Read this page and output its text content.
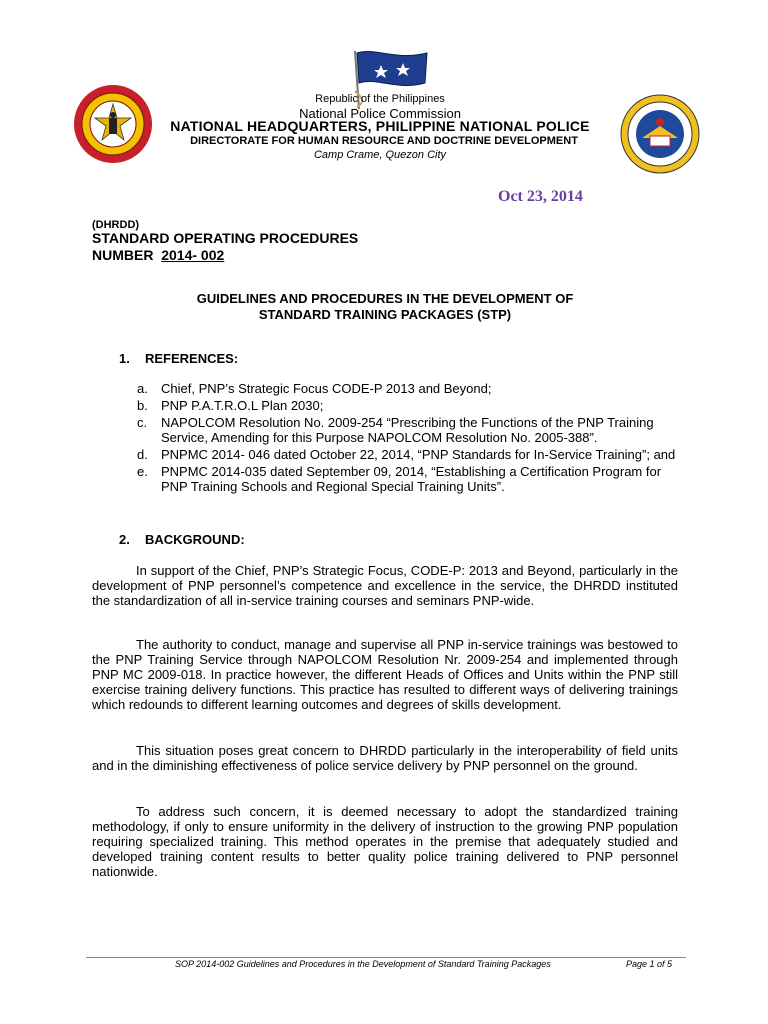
Republic of the Philippines
National Police Commission
NATIONAL HEADQUARTERS, PHILIPPINE NATIONAL POLICE
DIRECTORATE FOR HUMAN RESOURCE AND DOCTRINE DEVELOPMENT
Camp Crame, Quezon City
Oct 23, 2014
(DHRDD)
STANDARD OPERATING PROCEDURES
NUMBER 2014- 002
GUIDELINES AND PROCEDURES IN THE DEVELOPMENT OF
STANDARD TRAINING PACKAGES (STP)
1. REFERENCES:
a. Chief, PNP’s Strategic Focus CODE-P 2013 and Beyond;
b. PNP P.A.T.R.O.L Plan 2030;
c. NAPOLCOM Resolution No. 2009-254 “Prescribing the Functions of the PNP Training Service, Amending for this Purpose NAPOLCOM Resolution No. 2005-388”.
d. PNPMC 2014- 046 dated October 22, 2014, “PNP Standards for In-Service Training”; and
e. PNPMC 2014-035 dated September 09, 2014, “Establishing a Certification Program for PNP Training Schools and Regional Special Training Units”.
2. BACKGROUND:
In support of the Chief, PNP’s Strategic Focus, CODE-P: 2013 and Beyond, particularly in the development of PNP personnel’s competence and excellence in the service, the DHRDD instituted the standardization of all in-service training courses and seminars PNP-wide.
The authority to conduct, manage and supervise all PNP in-service trainings was bestowed to the PNP Training Service through NAPOLCOM Resolution Nr. 2009-254 and implemented through PNP MC 2009-018. In practice however, the different Heads of Offices and Units within the PNP still exercise training delivery functions. This practice has resulted to different ways of delivering trainings which redounds to different learning outcomes and degrees of skills development.
This situation poses great concern to DHRDD particularly in the interoperability of field units and in the diminishing effectiveness of police service delivery by PNP personnel on the ground.
To address such concern, it is deemed necessary to adopt the standardized training methodology, if only to ensure uniformity in the delivery of instruction to the growing PNP population requiring specialized training. This method operates in the premise that adequately studied and developed training content results to better quality police training delivered to PNP personnel nationwide.
SOP 2014-002 Guidelines and Procedures in the Development of Standard Training Packages	Page 1 of 5
